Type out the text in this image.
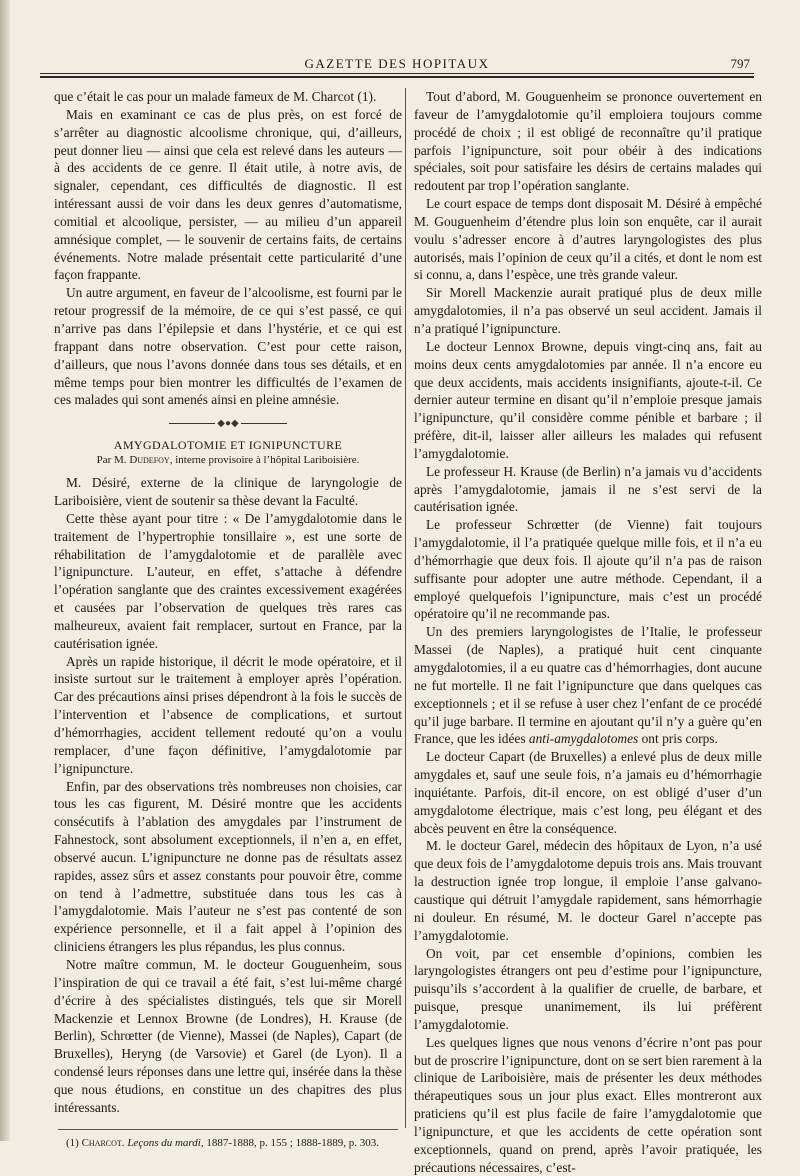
GAZETTE DES HOPITAUX	797

que c’était le cas pour un malade fameux de M. Charcot (1).

Mais en examinant ce cas de plus près, on est forcé de s’arrêter au diagnostic alcoolisme chronique, qui, d’ailleurs, peut donner lieu — ainsi que cela est relevé dans les auteurs — à des accidents de ce genre. Il était utile, à notre avis, de signaler, cependant, ces difficultés de diagnostic. Il est intéressant aussi de voir dans les deux genres d’automatisme, comitial et alcoolique, persister, — au milieu d’un appareil amnésique complet, — le souvenir de certains faits, de certains événements. Notre malade présentait cette particularité d’une façon frappante.

Un autre argument, en faveur de l’alcoolisme, est fourni par le retour progressif de la mémoire, de ce qui s’est passé, ce qui n’arrive pas dans l’épilepsie et dans l’hystérie, et ce qui est frappant dans notre observation. C’est pour cette raison, d’ailleurs, que nous l’avons donnée dans tous ses détails, et en même temps pour bien montrer les difficultés de l’examen de ces malades qui sont amenés ainsi en pleine amnésie.

◆●◆
AMYGDALOTOMIE ET IGNIPUNCTURE
Par M. Dudefoy, interne provisoire à l’hôpital Lariboisière.

M. Désiré, externe de la clinique de laryngologie de Lariboisière, vient de soutenir sa thèse devant la Faculté.

Cette thèse ayant pour titre : « De l’amygdalotomie dans le traitement de l’hypertrophie tonsillaire », est une sorte de réhabilitation de l’amygdalotomie et de parallèle avec l’ignipuncture. L’auteur, en effet, s’attache à défendre l’opération sanglante que des craintes excessivement exagérées et causées par l’observation de quelques très rares cas malheureux, avaient fait remplacer, surtout en France, par la cautérisation ignée.

Après un rapide historique, il décrit le mode opératoire, et il insiste surtout sur le traitement à employer après l’opération. Car des précautions ainsi prises dépendront à la fois le succès de l’intervention et l’absence de complications, et surtout d’hémorrhagies, accident tellement redouté qu’on a voulu remplacer, d’une façon définitive, l’amygdalotomie par l’ignipuncture.

Enfin, par des observations très nombreuses non choisies, car tous les cas figurent, M. Désiré montre que les accidents consécutifs à l’ablation des amygdales par l’instrument de Fahnestock, sont absolument exceptionnels, il n’en a, en effet, observé aucun. L’ignipuncture ne donne pas de résultats assez rapides, assez sûrs et assez constants pour pouvoir être, comme on tend à l’admettre, substituée dans tous les cas à l’amygdalotomie. Mais l’auteur ne s’est pas contenté de son expérience personnelle, et il a fait appel à l’opinion des cliniciens étrangers les plus répandus, les plus connus.

Notre maître commun, M. le docteur Gouguenheim, sous l’inspiration de qui ce travail a été fait, s’est lui-même chargé d’écrire à des spécialistes distingués, tels que sir Morell Mackenzie et Lennox Browne (de Londres), H. Krause (de Berlin), Schrœtter (de Vienne), Massei (de Naples), Capart (de Bruxelles), Heryng (de Varsovie) et Garel (de Lyon). Il a condensé leurs réponses dans une lettre qui, insérée dans la thèse que nous étudions, en constitue un des chapitres des plus intéressants.

(1) Charcot. Leçons du mardi, 1887-1888, p. 155 ; 1888-1889, p. 303.

Tout d’abord, M. Gouguenheim se prononce ouvertement en faveur de l’amygdalotomie qu’il emploiera toujours comme procédé de choix ; il est obligé de reconnaître qu’il pratique parfois l’ignipuncture, soit pour obéir à des indications spéciales, soit pour satisfaire les désirs de certains malades qui redoutent par trop l’opération sanglante.

Le court espace de temps dont disposait M. Désiré à empêché M. Gouguenheim d’étendre plus loin son enquête, car il aurait voulu s’adresser encore à d’autres laryngologistes des plus autorisés, mais l’opinion de ceux qu’il a cités, et dont le nom est si connu, a, dans l’espèce, une très grande valeur.

Sir Morell Mackenzie aurait pratiqué plus de deux mille amygdalotomies, il n’a pas observé un seul accident. Jamais il n’a pratiqué l’ignipuncture.

Le docteur Lennox Browne, depuis vingt-cinq ans, fait au moins deux cents amygdalotomies par année. Il n’a encore eu que deux accidents, mais accidents insignifiants, ajoute-t-il. Ce dernier auteur termine en disant qu’il n’emploie presque jamais l’ignipuncture, qu’il considère comme pénible et barbare ; il préfère, dit-il, laisser aller ailleurs les malades qui refusent l’amygdalotomie.

Le professeur H. Krause (de Berlin) n’a jamais vu d’accidents après l’amygdalotomie, jamais il ne s’est servi de la cautérisation ignée.

Le professeur Schrœtter (de Vienne) fait toujours l’amygdalotomie, il l’a pratiquée quelque mille fois, et il n’a eu d’hémorrhagie que deux fois. Il ajoute qu’il n’a pas de raison suffisante pour adopter une autre méthode. Cependant, il a employé quelquefois l’ignipuncture, mais c’est un procédé opératoire qu’il ne recommande pas.

Un des premiers laryngologistes de l’Italie, le professeur Massei (de Naples), a pratiqué huit cent cinquante amygdalotomies, il a eu quatre cas d’hémorrhagies, dont aucune ne fut mortelle. Il ne fait l’ignipuncture que dans quelques cas exceptionnels ; et il se refuse à user chez l’enfant de ce procédé qu’il juge barbare. Il termine en ajoutant qu’il n’y a guère qu’en France, que les idées anti-amygdalotomes ont pris corps.

Le docteur Capart (de Bruxelles) a enlevé plus de deux mille amygdales et, sauf une seule fois, n’a jamais eu d’hémorrhagie inquiétante. Parfois, dit-il encore, on est obligé d’user d’un amygdalotome électrique, mais c’est long, peu élégant et des abcès peuvent en être la conséquence.

M. le docteur Garel, médecin des hôpitaux de Lyon, n’a usé que deux fois de l’amygdalotome depuis trois ans. Mais trouvant la destruction ignée trop longue, il emploie l’anse galvano-caustique qui détruit l’amygdale rapidement, sans hémorrhagie ni douleur. En résumé, M. le docteur Garel n’accepte pas l’amygdalotomie.

On voit, par cet ensemble d’opinions, combien les laryngologistes étrangers ont peu d’estime pour l’ignipuncture, puisqu’ils s’accordent à la qualifier de cruelle, de barbare, et puisque, presque unanimement, ils lui préfèrent l’amygdalotomie.

Les quelques lignes que nous venons d’écrire n’ont pas pour but de proscrire l’ignipuncture, dont on se sert bien rarement à la clinique de Lariboisière, mais de présenter les deux méthodes thérapeutiques sous un jour plus exact. Elles montreront aux praticiens qu’il est plus facile de faire l’amygdalotomie que l’ignipuncture, et que les accidents de cette opération sont exceptionnels, quand on prend, après l’avoir pratiquée, les précautions nécessaires, c’est-
